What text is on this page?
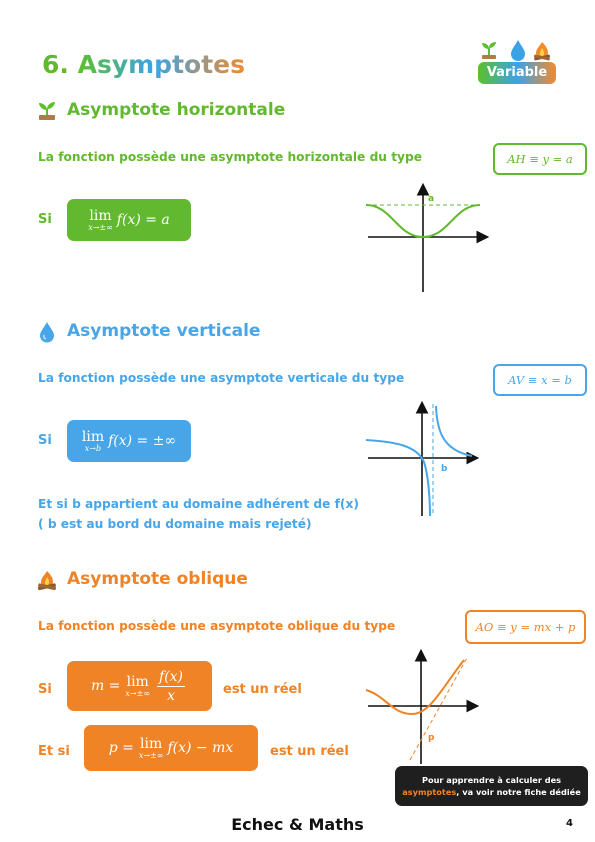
6. Asymptotes	Variable
Asymptote horizontale
La fonction possède une asymptote horizontale du type	AH ≡ y = a
Si	lim
x→±∞ f(x) = a
a
Asymptote verticale
La fonction possède une asymptote verticale du type	AV ≡ x = b
Si lim
x→b f(x) = ±∞
Et si b appartient au domaine adhérent de f(x)
( b est au bord du domaine mais rejeté)
b
Asymptote oblique
La fonction possède une asymptote oblique du type	AO ≡ y = mx + p
Si	m = lim
$x\to\pm\infty \frac{f(x)}{x}$	est un réel
Et si	p = lim
x→±∞ f(x) − mx	est un réel
p
Pour apprendre à calculer des
asymptotes, va voir notre fiche dédiée
Echec & Maths	4
